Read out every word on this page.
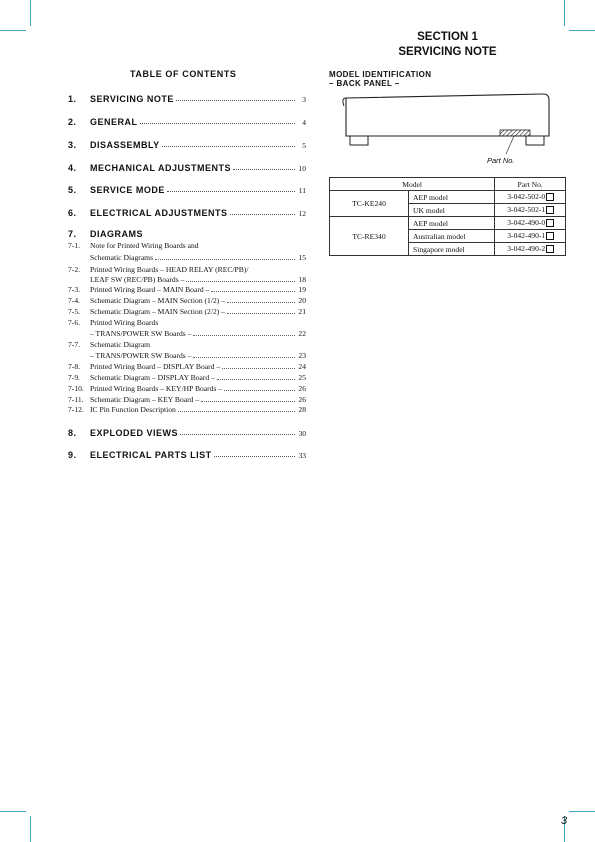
SECTION 1
SERVICING NOTE
TABLE OF CONTENTS
1.	SERVICING NOTE	3
2.	GENERAL	4
3.	DISASSEMBLY	5
4.	MECHANICAL ADJUSTMENTS	10
5.	SERVICE MODE	11
6.	ELECTRICAL ADJUSTMENTS	12
7. DIAGRAMS
7-1.	Note for Printed Wiring Boards and
Schematic Diagrams	15
7-2.	Printed Wiring Boards – HEAD RELAY (REC/PB)/
LEAF SW (REC/PB) Boards –	18
7-3.	Printed Wiring Board – MAIN Board –	19
7-4.	Schematic Diagram – MAIN Section (1/2) –	20
7-5.	Schematic Diagram – MAIN Section (2/2) –	21
7-6.	Printed Wiring Boards
– TRANS/POWER SW Boards –	22
7-7.	Schematic Diagram
– TRANS/POWER SW Boards –	23
7-8.	Printed Wiring Board – DISPLAY Board –	24
7-9.	Schematic Diagram – DISPLAY Board –	25
7-10. Printed Wiring Boards – KEY/HP Boards –	26
7-11. Schematic Diagram – KEY Board –	26
7-12. IC Pin Function Description	28
8.	EXPLODED VIEWS	30
9.	ELECTRICAL PARTS LIST	33
MODEL IDENTIFICATION
– BACK PANEL –
Part No.
Model		Part No.
TC-KE240	AEP model	3-042-502-0
	UK model	3-042-502-1
TC-RE340	AEP model	3-042-490-0
	Australian model	3-042-490-1
	Singapore model	3-042-490-2
3
